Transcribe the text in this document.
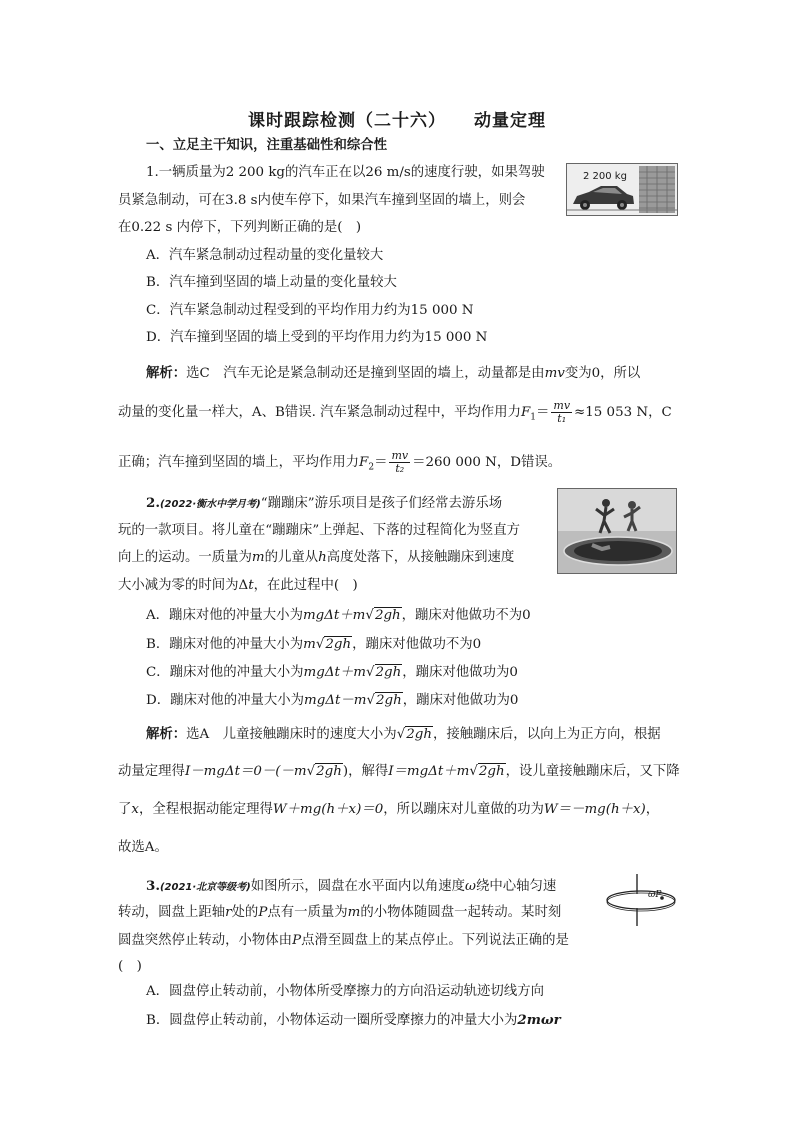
课时跟踪检测（二十六） 动量定理
一、立足主干知识，注重基础性和综合性
1.一辆质量为2 200 kg的汽车正在以26 m/s的速度行驶，如果驾驶
员紧急制动，可在3.8 s内使车停下，如果汽车撞到坚固的墙上，则会
在0.22 s 内停下，下列判断正确的是(　)
2 200 kg
A．汽车紧急制动过程动量的变化量较大
B．汽车撞到坚固的墙上动量的变化量较大
C．汽车紧急制动过程受到的平均作用力约为15 000 N
D．汽车撞到坚固的墙上受到的平均作用力约为15 000 N
解析：选C　汽车无论是紧急制动还是撞到坚固的墙上，动量都是由mv变为0，所以
动量的变化量一样大，A、B错误. 汽车紧急制动过程中，平均作用力$F_1= \frac{mv}{\text{t₁}} \approx 15$ 053 N，C
正确；汽车撞到坚固的墙上，平均作用力$F_2= \frac{mv}{\text{t₂}} =260$ 000 N，D错误。
2.(2022·衡水中学月考)“蹦蹦床”游乐项目是孩子们经常去游乐场
玩的一款项目。将儿童在“蹦蹦床”上弹起、下落的过程简化为竖直方
向上的运动。一质量为m的儿童从h高度处落下，从接触蹦床到速度
大小减为零的时间为Δt，在此过程中(　)
A．蹦床对他的冲量大小为mgΔt＋m√2gh，蹦床对他做功不为0
B．蹦床对他的冲量大小为m√2gh，蹦床对他做功不为0
C．蹦床对他的冲量大小为mgΔt＋m√2gh，蹦床对他做功为0
D．蹦床对他的冲量大小为mgΔt－m√2gh，蹦床对他做功为0
解析：选A　儿童接触蹦床时的速度大小为√2gh，接触蹦床后，以向上为正方向，根据
动量定理得I－mgΔt＝0－(－m√2gh)，解得I＝mgΔt＋m√2gh，设儿童接触蹦床后，又下降
了x，全程根据动能定理得W＋mg(h＋x)＝0，所以蹦床对儿童做的功为W＝－mg(h＋x)，
故选A。
3.(2021·北京等级考)如图所示，圆盘在水平面内以角速度ω绕中心轴匀速
转动，圆盘上距轴r处的P点有一质量为m的小物体随圆盘一起转动。某时刻
圆盘突然停止转动，小物体由P点滑至圆盘上的某点停止。下列说法正确的是
(　)
ωP
A．圆盘停止转动前，小物体所受摩擦力的方向沿运动轨迹切线方向
B．圆盘停止转动前，小物体运动一圈所受摩擦力的冲量大小为2mωr
